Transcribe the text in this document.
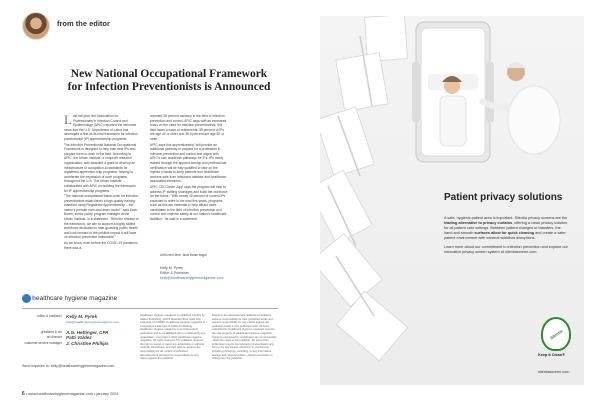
from the editor
New National Occupational Framework for Infection Preventionists is Announced

Last fall year, the Association for Professionals in Infection Control and Epidemiology (APIC) reported the welcome news that the U.S. Department of Labor has developed a first-of-its-kind framework for infection preventionist (IP) apprenticeship programs.

The Infection Preventionist National Occupational Framework is designed to help train new IPs and prepare them to work in the field. According to APIC, the Urban Institute, a nonprofit research organization, was awarded a grant to develop an infrastructure of occupation-al standards for registered apprentice-ship programs, helping to accelerate the expansion of such programs throughout the U.S. The Urban Institute collaborated with APIC on building the framework for IP apprenticeship programs.

"The national occupational frame-work for infection preventionists estab-lishes a high-quality training standard using Registered Apprenticeship – the nation's premier earn-and-learn model," said Zach Boren, senior policy program manager at the Urban Institute, in a statement. "With the release of the framework, we aim to support a highly skilled workforce dedicated to safe-guarding public health and look forward to the positive impact it will have on infection prevention nationwide."

As we know, even before the COVID-19 pandemic, there was a

reported 25 percent vacancy in the field of infection prevention and control. APIC says with an increased focus on the need for infection preventionists, this field faces a wave of retirements: 35 percent of IPs are age 40 or older and 36.5 percent are age 50 or older.

APIC says this apprenticeship "will provide an additional pathway to prepare for a profession in infection prevention and control and aligns with APIC's own academic pathways for IPs. IPs newly trained through the apprent-iceship and professional certification will be fully qualified to take on the myriad of tasks to keep patients and healthcare workers safe from infectious disease and healthcare-associated infections."

APIC CEO Devin Jopp says the program will help to address IP staffing shortages and build the workforce for the future: "With nearly 40 percent of current IPs expected to retire in the next five years, programs such as this are essential to help attract more candidates to the field of infection prevention and control and improve safety at our nation's healthcare facilities," he said in a statement.

Until next time, bust those bugs!
Kelly M. Pyrek
Editor & Publisher
kelly@healthcarehygienemagazine.com
h ealthcare hygiene magazine
editor & publisher Kelly M. Pyrek
kelly@healthcarehygienemagazine.com
president & cfo
art director
A.G. Hettinger, CPA
Patti Valdez
customer service manager J. Christine Phillips
Healthcare Hygiene magazine is published monthly by Valdez Publishing, 10474 Sheridan Blvd, Suite 104, Lafayette, CO 80026. Healthcare Hygiene magazine is a registered trademark of Valdez Publishing. Healthcare Hygiene magazine is an independent publication and is not affiliated with or endorsed by any organization. Copyright © 2024 Healthcare Hygiene magazine. All rights reserved. The publisher reserves the right to accept or reject any advertising or editorial material. Advertisers, and their agents, assume the responsibility for all content of published advertisements and assume responsibility for any claims against the publisher
based on the advertisement. Editorial contributors assume responsibility for their published works and assume responsibility for any claims against the publisher based on the published work. All items submitted for Healthcare Hygiene magazine become the sole property of Healthcare Hygiene magazine. Opinions expressed by contributors do not necessarily reflect the views of the publisher. No part of this publication may be reproduced or transmitted in any form or by any means, electronic or mechanical, including photocopy, recording, or any information storage and retrieval system, without permission in writing from the publisher.
Send inquiries to: kelly@healthcarehygienemagazine.com
6 • www.healthcarehygienemagazine.com • january 2024
Patient privacy solutions

A safe, hygienic patient area is important. Silentia privacy screens are the leading alternative to privacy curtains, offering a clean privacy solution for all patient care settings. Between patient changes or transfers, the hand and smooth surfaces allow for quick cleaning and create a safer patient environment with minimal workflow disruptions.

Learn more about our commitment to infection prevention and explore our innovative privacy screen system at silentiascreen.com.

Silentia
Keep it Clean®
silentiascreen.com
